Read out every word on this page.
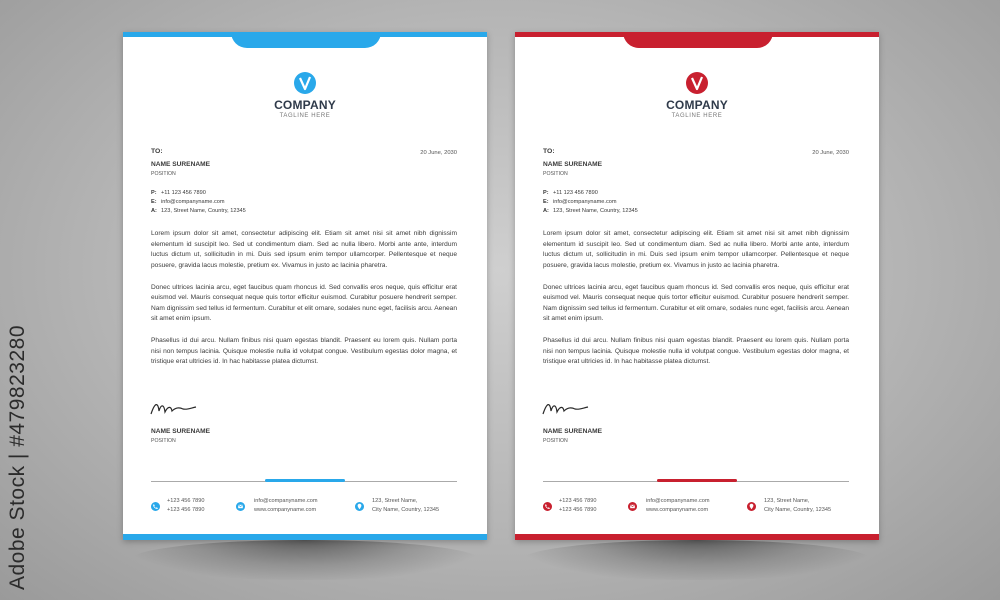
Adobe Stock | #479823280
COMPANY
TAGLINE HERE
TO:	20 June, 2030
NAME SURENAME
POSITION
P: +11 123 456 7890
E: info@companyname.com
A: 123, Street Name, Country, 12345

Lorem ipsum dolor sit amet, consectetur adipiscing elit. Etiam sit amet nisi sit amet nibh dignissim elementum id suscipit leo. Sed ut condimentum diam. Sed ac nulla libero. Morbi ante ante, interdum luctus dictum ut, sollicitudin in mi. Duis sed ipsum enim tempor ullamcorper. Pellentesque et neque posuere, gravida lacus molestie, pretium ex. Vivamus in justo ac lacinia pharetra.

Donec ultrices lacinia arcu, eget faucibus quam rhoncus id. Sed convallis eros neque, quis efficitur erat euismod vel. Mauris consequat neque quis tortor efficitur euismod. Curabitur posuere hendrerit semper. Nam dignissim sed tellus id fermentum. Curabitur et elit ornare, sodales nunc eget, facilisis arcu. Aenean sit amet enim ipsum.

Phasellus id dui arcu. Nullam finibus nisi quam egestas blandit. Praesent eu lorem quis. Nullam porta nisi non tempus lacinia. Quisque molestie nulla id volutpat congue. Vestibulum egestas dolor magna, et tristique erat ultricies id. In hac habitasse platea dictumst.

NAME SURENAME
POSITION
+123 456 7890
+123 456 7890
info@companyname.com
www.companyname.com
123, Street Name,
City Name, Country, 12345
COMPANY
TAGLINE HERE
TO:	20 June, 2030
NAME SURENAME
POSITION
P: +11 123 456 7890
E: info@companyname.com
A: 123, Street Name, Country, 12345

Lorem ipsum dolor sit amet, consectetur adipiscing elit. Etiam sit amet nisi sit amet nibh dignissim elementum id suscipit leo. Sed ut condimentum diam. Sed ac nulla libero. Morbi ante ante, interdum luctus dictum ut, sollicitudin in mi. Duis sed ipsum enim tempor ullamcorper. Pellentesque et neque posuere, gravida lacus molestie, pretium ex. Vivamus in justo ac lacinia pharetra.

Donec ultrices lacinia arcu, eget faucibus quam rhoncus id. Sed convallis eros neque, quis efficitur erat euismod vel. Mauris consequat neque quis tortor efficitur euismod. Curabitur posuere hendrerit semper. Nam dignissim sed tellus id fermentum. Curabitur et elit ornare, sodales nunc eget, facilisis arcu. Aenean sit amet enim ipsum.

Phasellus id dui arcu. Nullam finibus nisi quam egestas blandit. Praesent eu lorem quis. Nullam porta nisi non tempus lacinia. Quisque molestie nulla id volutpat congue. Vestibulum egestas dolor magna, et tristique erat ultricies id. In hac habitasse platea dictumst.

NAME SURENAME
POSITION
+123 456 7890
+123 456 7890
info@companyname.com
www.companyname.com
123, Street Name,
City Name, Country, 12345
